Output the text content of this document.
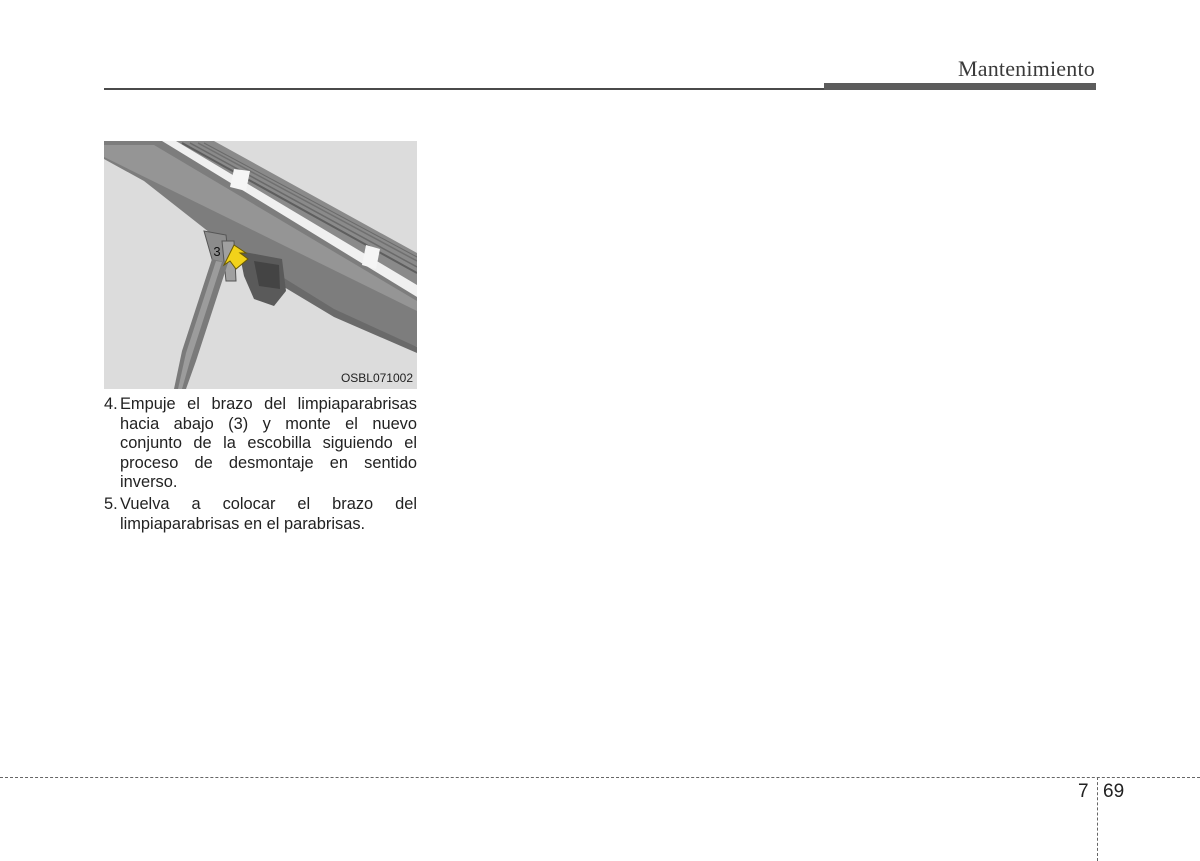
Mantenimiento
3
OSBL071002
4. Empuje el brazo del limpiaparabrisas hacia abajo (3) y monte el nuevo conjunto de la escobilla siguiendo el proceso de desmontaje en sentido inverso.
5. Vuelva a colocar el brazo del limpiaparabrisas en el parabrisas.
7 69
